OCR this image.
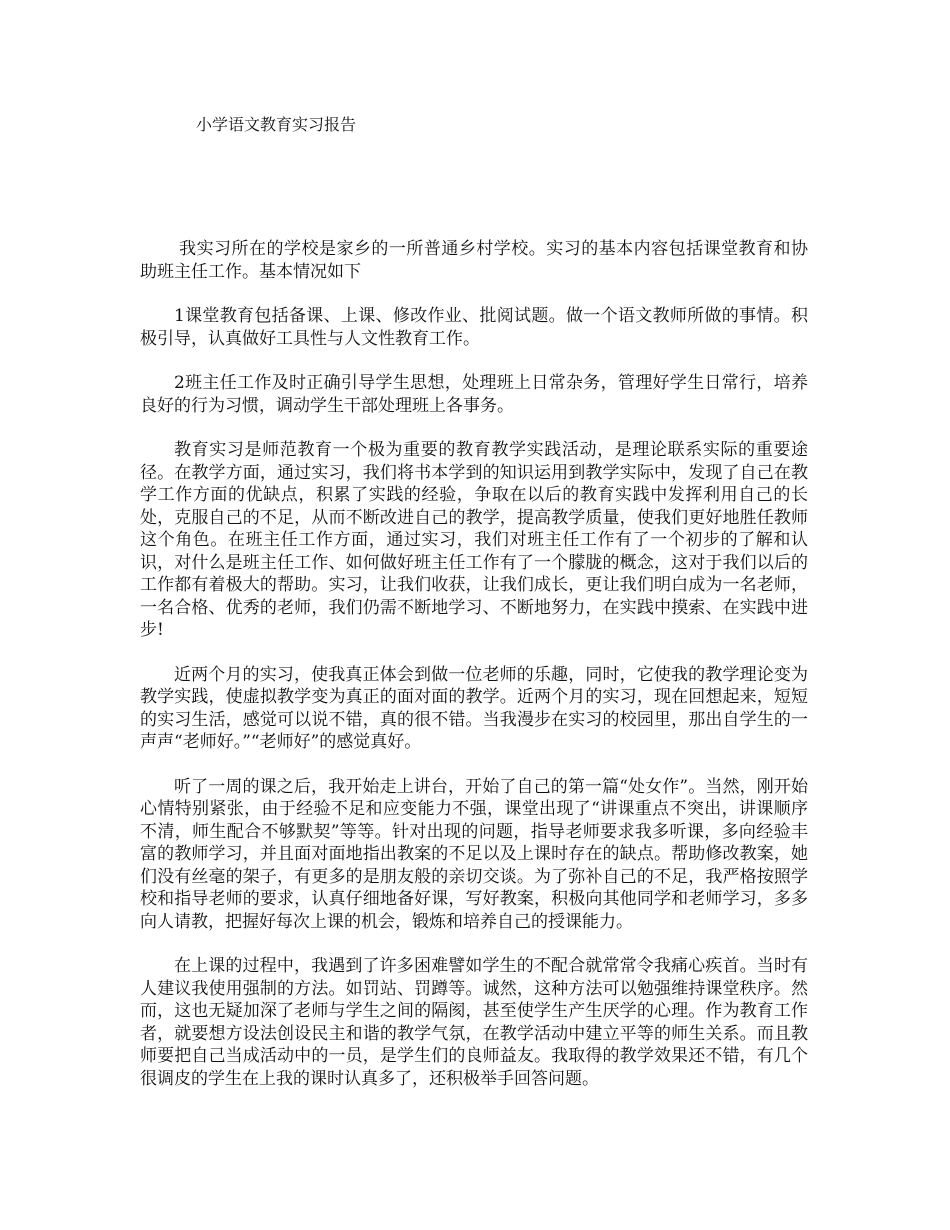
小学语文教育实习报告

我实习所在的学校是家乡的一所普通乡村学校。实习的基本内容包括课堂教育和协助班主任工作。基本情况如下

1课堂教育包括备课、上课、修改作业、批阅试题。做一个语文教师所做的事情。积极引导，认真做好工具性与人文性教育工作。

2班主任工作及时正确引导学生思想，处理班上日常杂务，管理好学生日常行，培养良好的行为习惯，调动学生干部处理班上各事务。

教育实习是师范教育一个极为重要的教育教学实践活动，是理论联系实际的重要途径。在教学方面，通过实习，我们将书本学到的知识运用到教学实际中，发现了自己在教学工作方面的优缺点，积累了实践的经验，争取在以后的教育实践中发挥利用自己的长处，克服自己的不足，从而不断改进自己的教学，提高教学质量，使我们更好地胜任教师这个角色。在班主任工作方面，通过实习，我们对班主任工作有了一个初步的了解和认识，对什么是班主任工作、如何做好班主任工作有了一个朦胧的概念，这对于我们以后的工作都有着极大的帮助。实习，让我们收获，让我们成长，更让我们明白成为一名老师，一名合格、优秀的老师，我们仍需不断地学习、不断地努力，在实践中摸索、在实践中进步!

近两个月的实习，使我真正体会到做一位老师的乐趣，同时，它使我的教学理论变为教学实践，使虚拟教学变为真正的面对面的教学。近两个月的实习，现在回想起来，短短的实习生活，感觉可以说不错，真的很不错。当我漫步在实习的校园里，那出自学生的一声声“老师好。”“老师好”的感觉真好。

听了一周的课之后，我开始走上讲台，开始了自己的第一篇“处女作”。当然，刚开始心情特别紧张，由于经验不足和应变能力不强，课堂出现了“讲课重点不突出，讲课顺序不清，师生配合不够默契”等等。针对出现的问题，指导老师要求我多听课，多向经验丰富的教师学习，并且面对面地指出教案的不足以及上课时存在的缺点。帮助修改教案，她们没有丝毫的架子，有更多的是朋友般的亲切交谈。为了弥补自己的不足，我严格按照学校和指导老师的要求，认真仔细地备好课，写好教案，积极向其他同学和老师学习，多多向人请教，把握好每次上课的机会，锻炼和培养自己的授课能力。

在上课的过程中，我遇到了许多困难譬如学生的不配合就常常令我痛心疾首。当时有人建议我使用强制的方法。如罚站、罚蹲等。诚然，这种方法可以勉强维持课堂秩序。然而，这也无疑加深了老师与学生之间的隔阂，甚至使学生产生厌学的心理。作为教育工作者，就要想方设法创设民主和谐的教学气氛，在教学活动中建立平等的师生关系。而且教师要把自己当成活动中的一员，是学生们的良师益友。我取得的教学效果还不错，有几个很调皮的学生在上我的课时认真多了，还积极举手回答问题。
